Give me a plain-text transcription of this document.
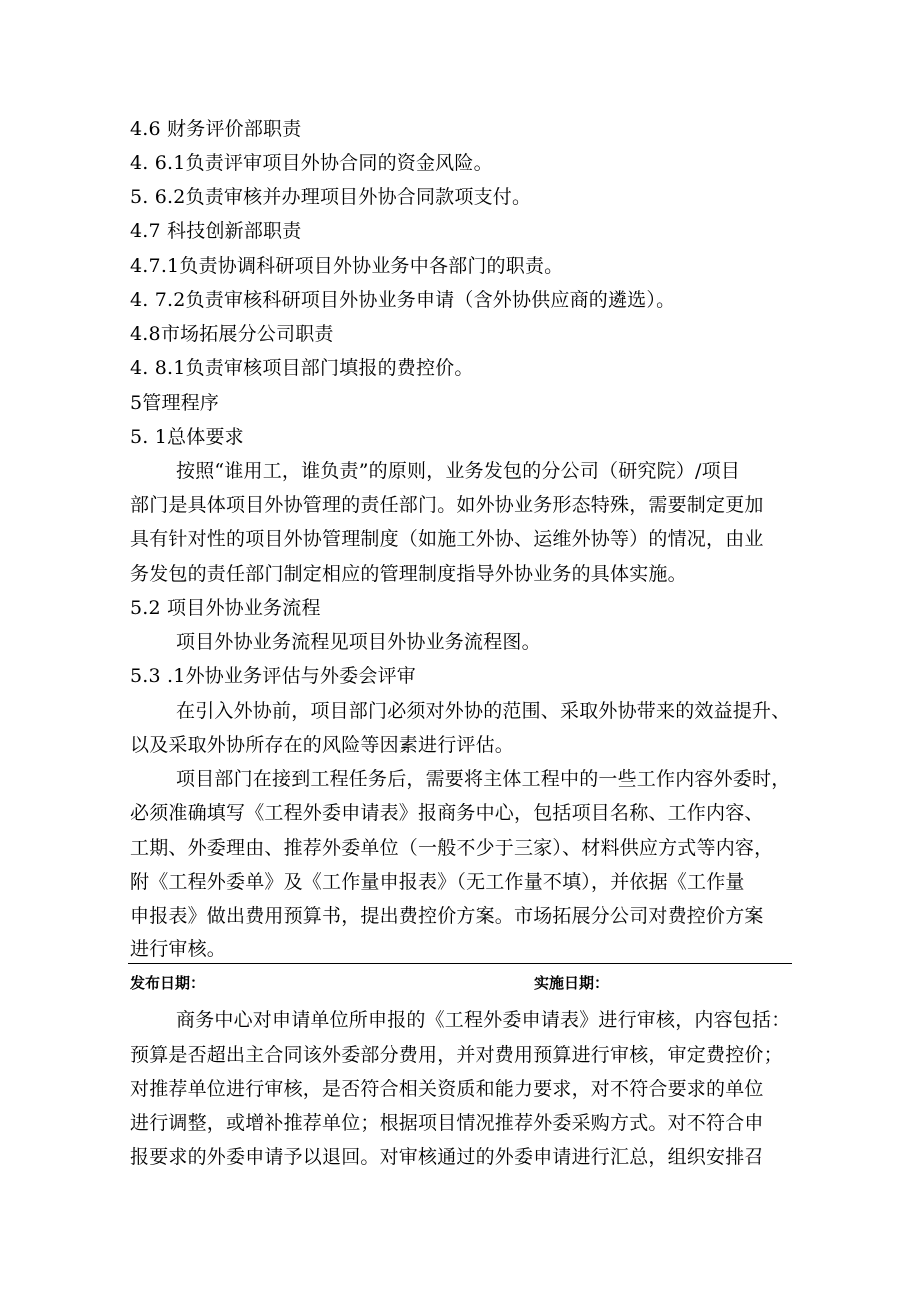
4.6 财务评价部职责

4. 6.1负责评审项目外协合同的资金风险。

5. 6.2负责审核并办理项目外协合同款项支付。

4.7 科技创新部职责

4.7.1负责协调科研项目外协业务中各部门的职责。

4. 7.2负责审核科研项目外协业务申请（含外协供应商的遴选）。

4.8市场拓展分公司职责

4. 8.1负责审核项目部门填报的费控价。

5管理程序

5. 1总体要求

按照“谁用工，谁负责”的原则，业务发包的分公司（研究院）/项目

部门是具体项目外协管理的责任部门。如外协业务形态特殊，需要制定更加

具有针对性的项目外协管理制度（如施工外协、运维外协等）的情况，由业

务发包的责任部门制定相应的管理制度指导外协业务的具体实施。

5.2 项目外协业务流程

项目外协业务流程见项目外协业务流程图。

5.3 .1外协业务评估与外委会评审

在引入外协前，项目部门必须对外协的范围、采取外协带来的效益提升、

以及采取外协所存在的风险等因素进行评估。

项目部门在接到工程任务后，需要将主体工程中的一些工作内容外委时，

必须准确填写《工程外委申请表》报商务中心，包括项目名称、工作内容、

工期、外委理由、推荐外委单位（一般不少于三家）、材料供应方式等内容，

附《工程外委单》及《工作量申报表》（无工作量不填），并依据《工作量

申报表》做出费用预算书，提出费控价方案。市场拓展分公司对费控价方案

进行审核。

发布日期：	实施日期：

商务中心对申请单位所申报的《工程外委申请表》进行审核，内容包括：

预算是否超出主合同该外委部分费用，并对费用预算进行审核，审定费控价；

对推荐单位进行审核，是否符合相关资质和能力要求，对不符合要求的单位

进行调整，或增补推荐单位；根据项目情况推荐外委采购方式。对不符合申

报要求的外委申请予以退回。对审核通过的外委申请进行汇总，组织安排召
